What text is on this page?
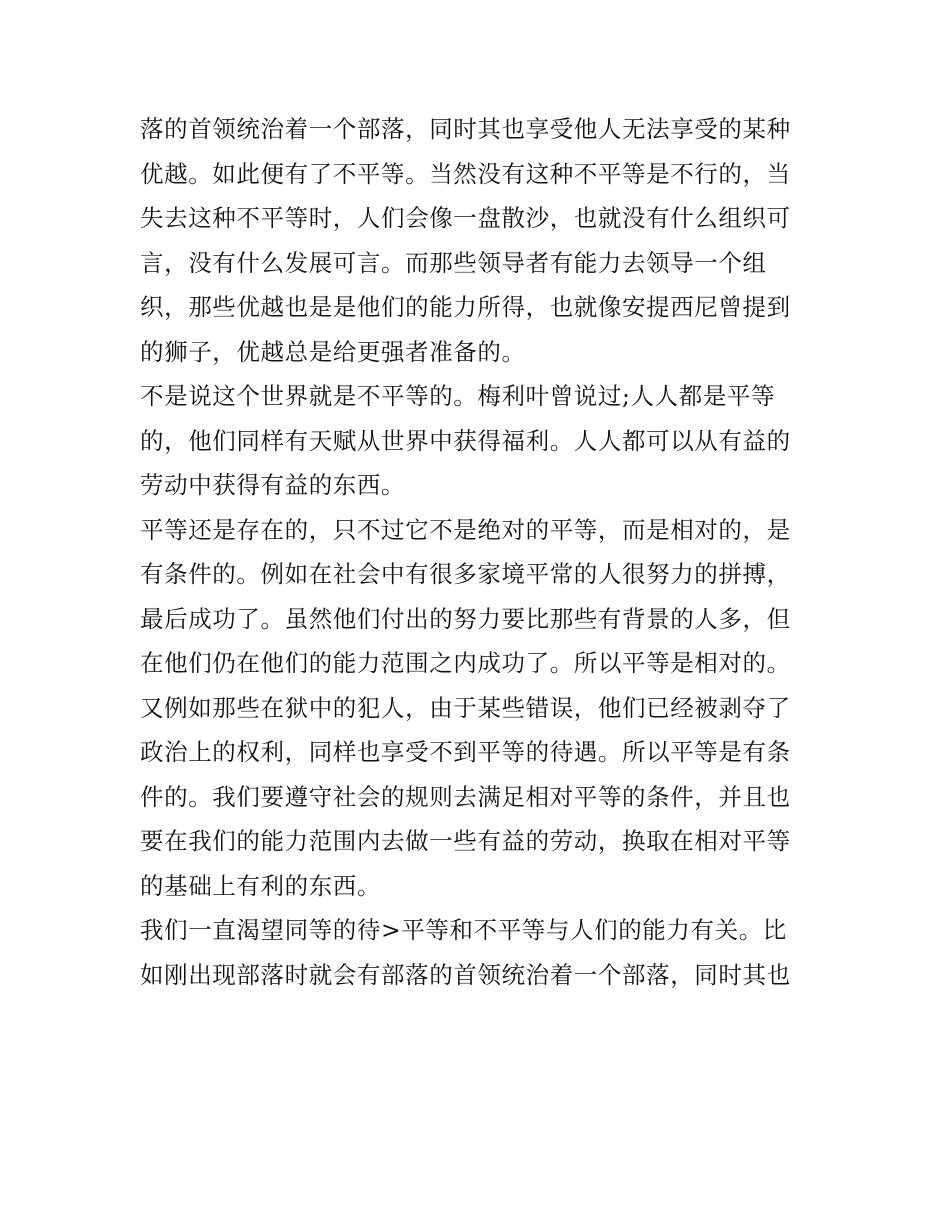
落的首领统治着一个部落，同时其也享受他人无法享受的某种
优越。如此便有了不平等。当然没有这种不平等是不行的，当
失去这种不平等时，人们会像一盘散沙，也就没有什么组织可
言，没有什么发展可言。而那些领导者有能力去领导一个组
织，那些优越也是是他们的能力所得，也就像安提西尼曾提到
的狮子，优越总是给更强者准备的。
不是说这个世界就是不平等的。梅利叶曾说过;人人都是平等
的，他们同样有天赋从世界中获得福利。人人都可以从有益的
劳动中获得有益的东西。
平等还是存在的，只不过它不是绝对的平等，而是相对的，是
有条件的。例如在社会中有很多家境平常的人很努力的拼搏，
最后成功了。虽然他们付出的努力要比那些有背景的人多，但
在他们仍在他们的能力范围之内成功了。所以平等是相对的。
又例如那些在狱中的犯人，由于某些错误，他们已经被剥夺了
政治上的权利，同样也享受不到平等的待遇。所以平等是有条
件的。我们要遵守社会的规则去满足相对平等的条件，并且也
要在我们的能力范围内去做一些有益的劳动，换取在相对平等
的基础上有利的东西。
我们一直渴望同等的待>平等和不平等与人们的能力有关。比
如刚出现部落时就会有部落的首领统治着一个部落，同时其也
